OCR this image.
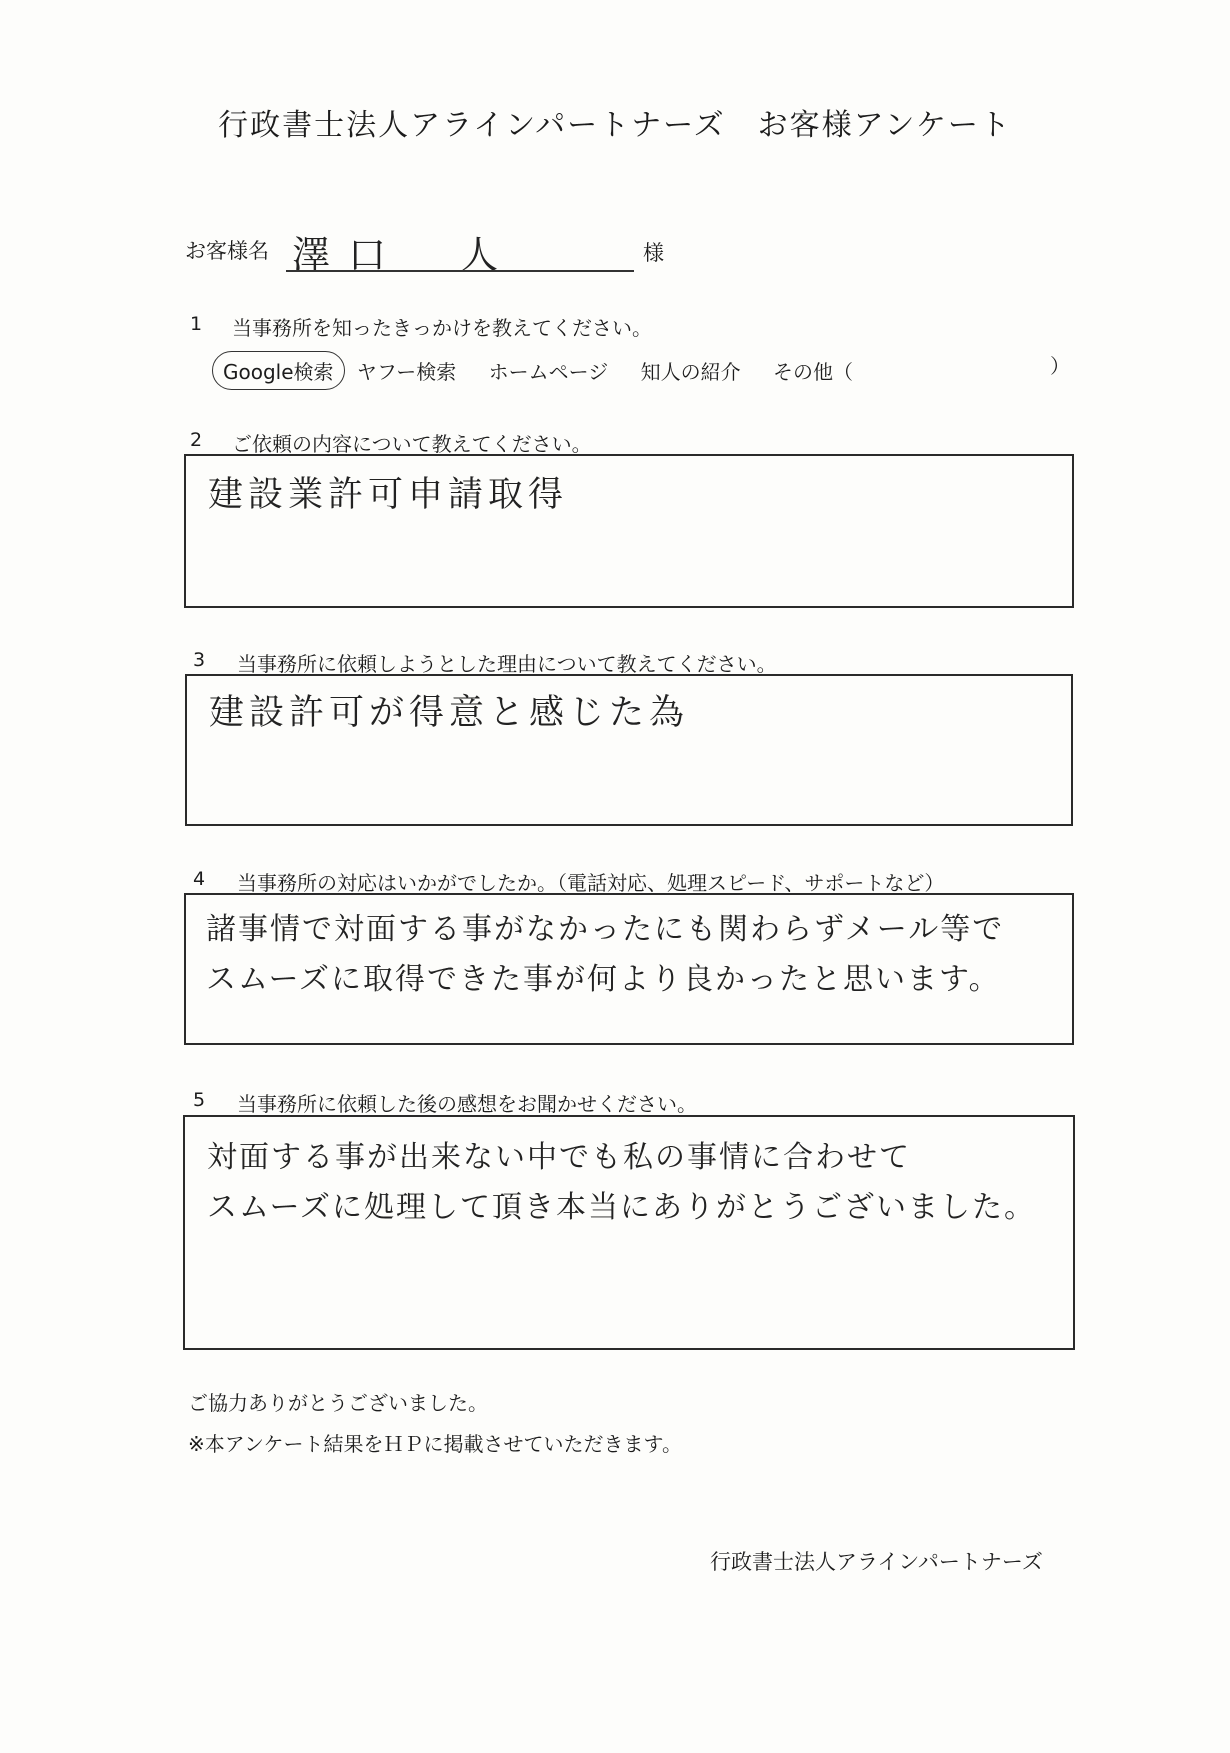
行政書士法人アラインパートナーズ　お客様アンケート
お客様名 澤口　人	様
1 当事務所を知ったきっかけを教えてください。
Google検索 ヤフー検索 ホームページ 知人の紹介 その他（	）
2 ご依頼の内容について教えてください。
建設業許可申請取得
3 当事務所に依頼しようとした理由について教えてください。
建設許可が得意と感じた為
4 当事務所の対応はいかがでしたか。（電話対応、処理スピード、サポートなど）
諸事情で対面する事がなかったにも関わらずメール等で
スムーズに取得できた事が何より良かったと思います。
5 当事務所に依頼した後の感想をお聞かせください。
対面する事が出来ない中でも私の事情に合わせて
スムーズに処理して頂き本当にありがとうございました。
ご協力ありがとうございました。
※本アンケート結果をＨＰに掲載させていただきます。
行政書士法人アラインパートナーズ
